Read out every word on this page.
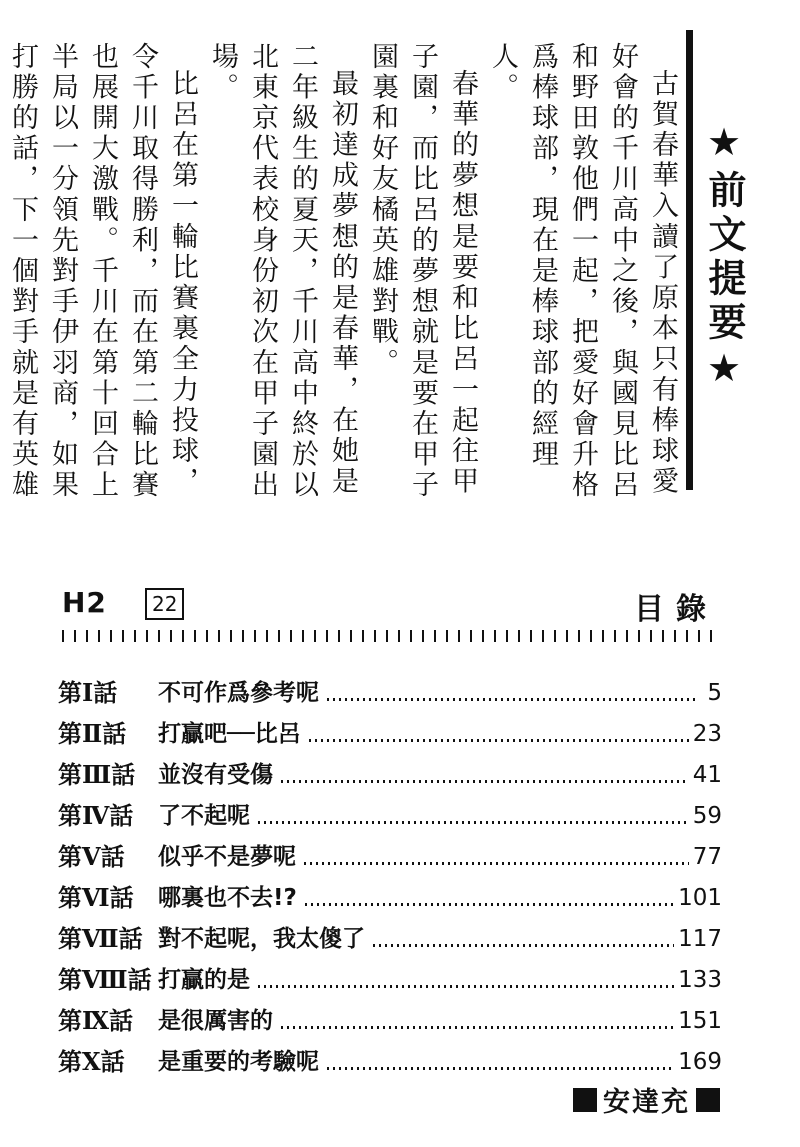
★前文提要★

古賀春華入讀了原本只有棒球愛好會的千川高中之後，與國見比呂和野田敦他們一起，把愛好會升格爲棒球部，現在是棒球部的經理人。

春華的夢想是要和比呂一起往甲子園，而比呂的夢想就是要在甲子園裏和好友橘英雄對戰。

最初達成夢想的是春華，在她是二年級生的夏天，千川高中終於以北東京代表校身份初次在甲子園出場。

比呂在第一輪比賽裏全力投球，令千川取得勝利，而在第二輪比賽也展開大激戰。千川在第十回合上半局以一分領先對手伊羽商，如果打勝的話，下一個對手就是有英雄

H2	22	目錄
第Ⅰ話	不可作爲參考呢	5
第Ⅱ話	打贏吧──比呂	23
第Ⅲ話 並沒有受傷	41
第Ⅳ話	了不起呢	59
第Ⅴ話	似乎不是夢呢	77
第Ⅵ話	哪裏也不去!?	101
第Ⅶ話 對不起呢，我太傻了	117
第Ⅷ話 打贏的是	133
第Ⅸ話	是很厲害的	151
第Ⅹ話	是重要的考驗呢	169
安達充
